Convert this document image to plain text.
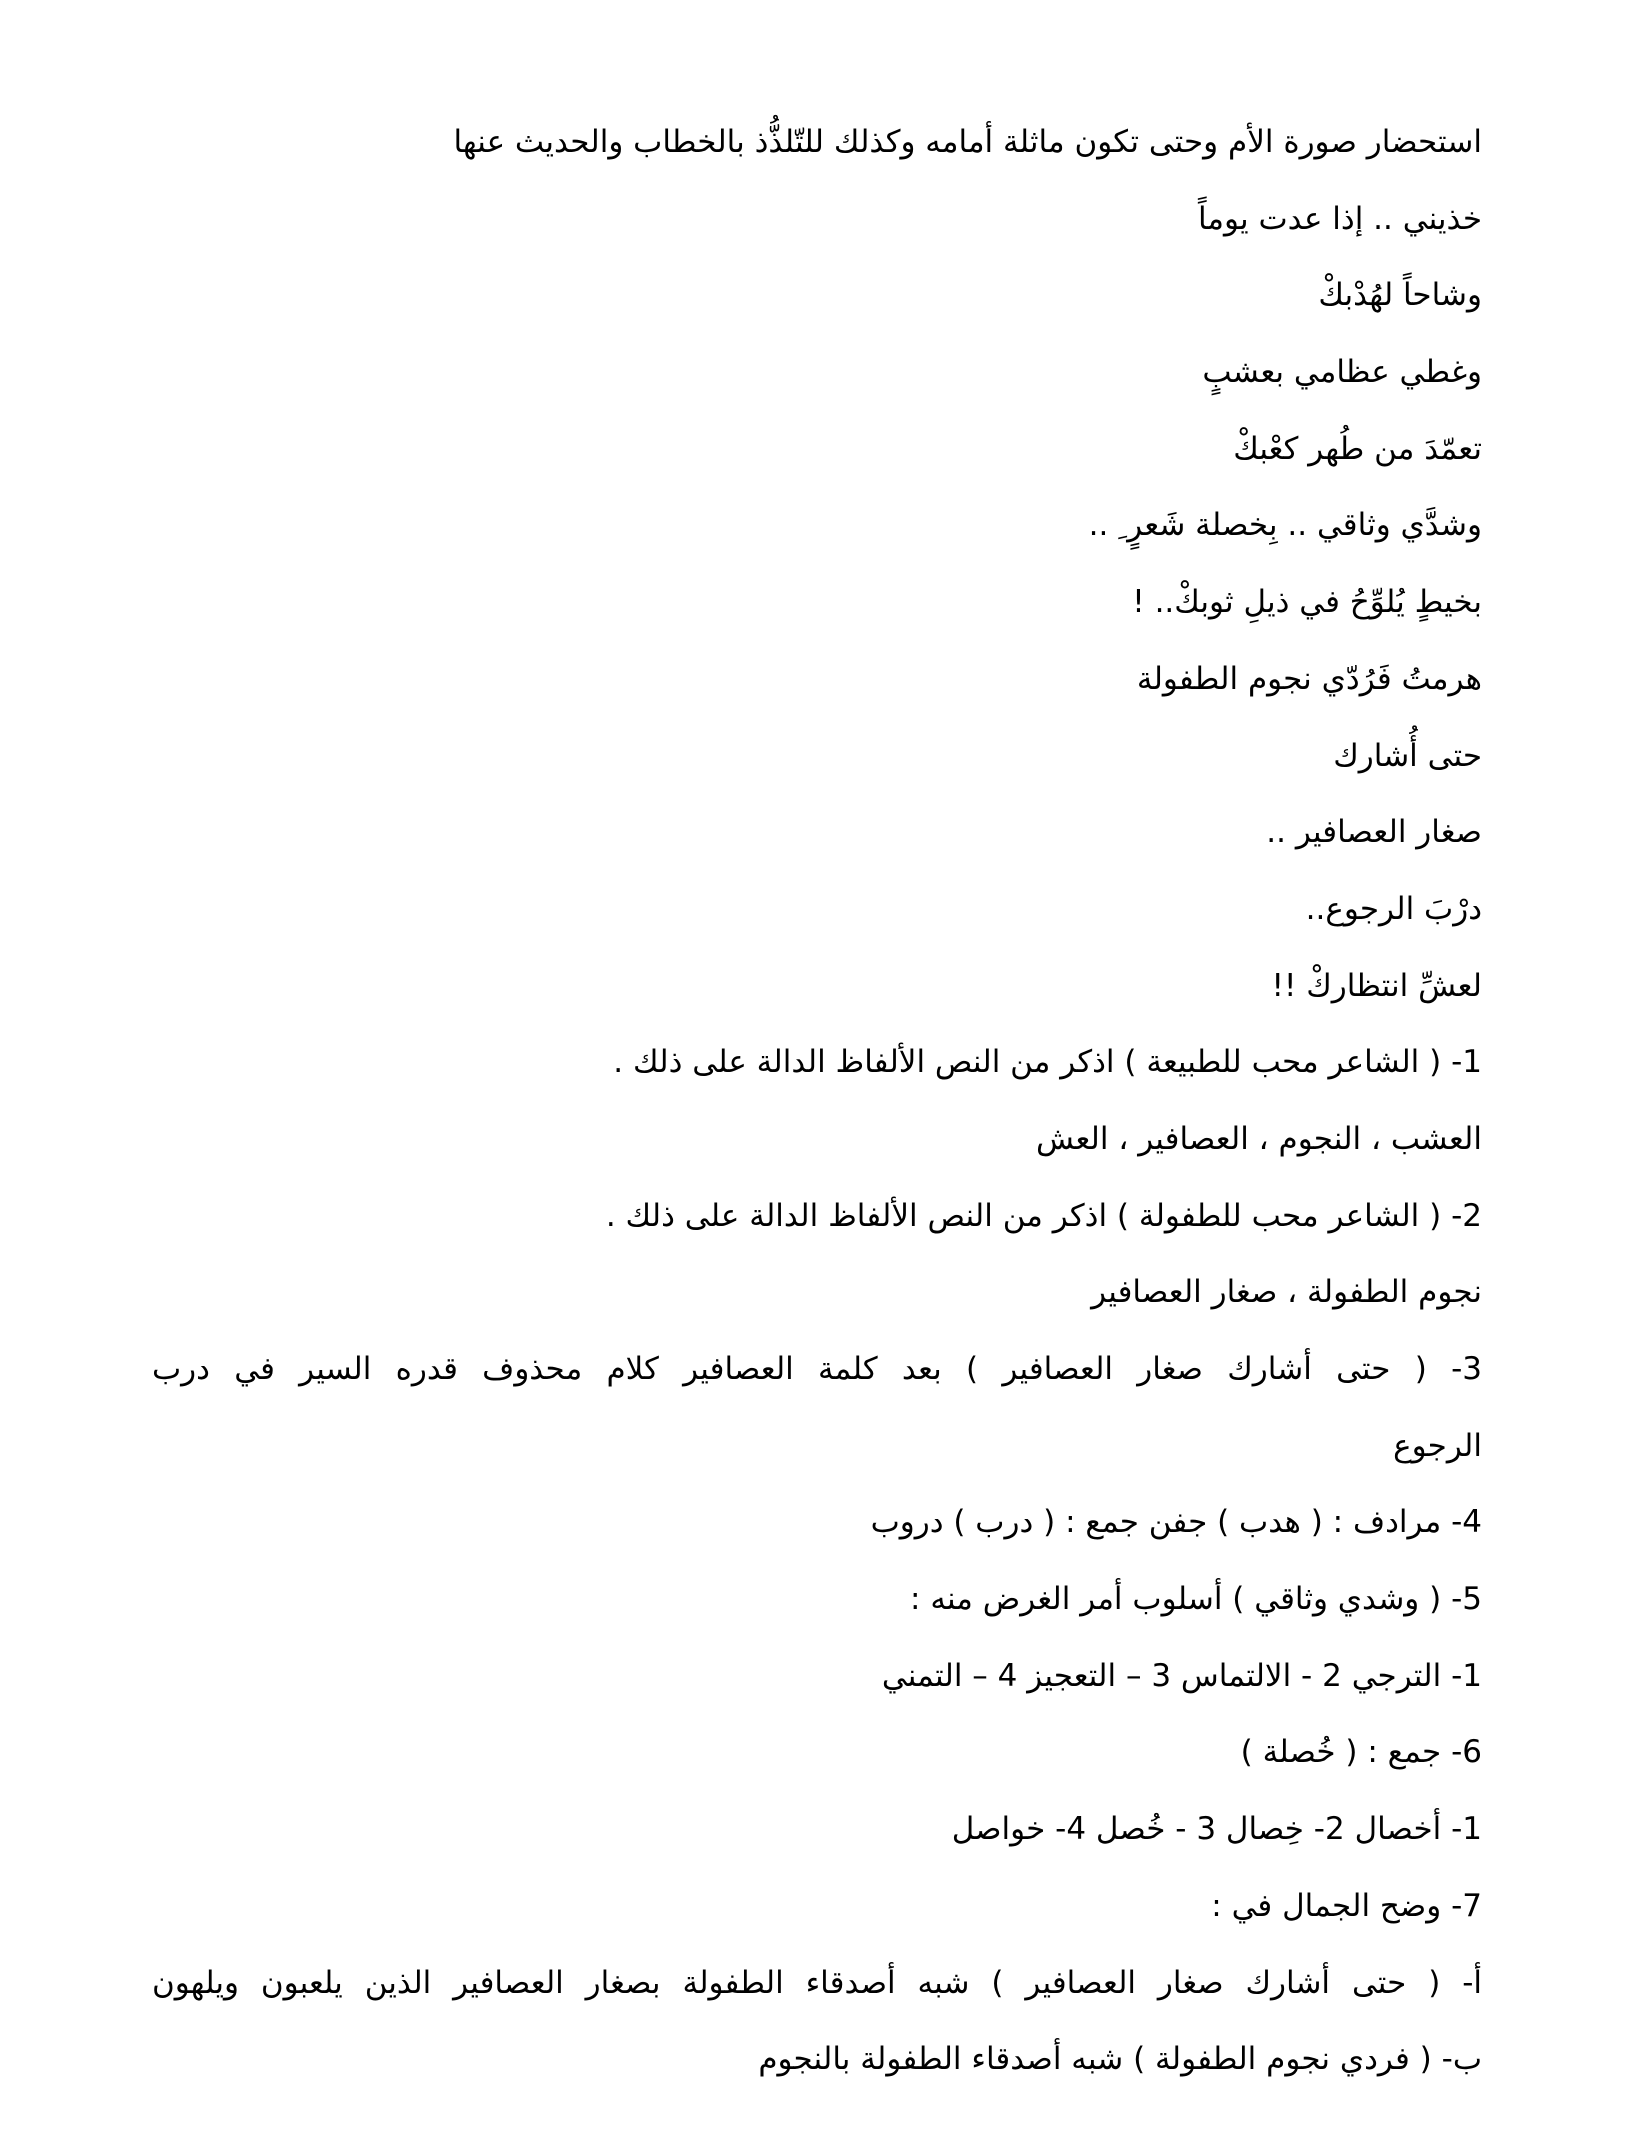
استحضار صورة الأم وحتى تكون ماثلة أمامه وكذلك للتّلذُّذ بالخطاب والحديث عنها
خذيني .. إذا عدت يوماً
وشاحاً لهُدْبكْ
وغطي عظامي بعشبٍ
تعمّدَ من طُهر كعْبكْ
وشدَّي وثاقي .. بِخصلة شَعرٍ ِ ..
بخيطٍ يُلوِّحُ في ذيلِ ثوبكْ.. !
هرمتُ فَرُدّي نجوم الطفولة
حتى أُشارك
صغار العصافير ..
درْبَ الرجوع..
لعشِّ انتظاركْ !!
1- ( الشاعر محب للطبيعة ) اذكر من النص الألفاظ الدالة على ذلك .
العشب ، النجوم ، العصافير ، العش
2- ( الشاعر محب للطفولة ) اذكر من النص الألفاظ الدالة على ذلك .
نجوم الطفولة ، صغار العصافير
3- ( حتى أشارك صغار العصافير ) بعد كلمة العصافير كلام محذوف قدره السير في درب
الرجوع
4- مرادف : ( هدب ) جفن جمع : ( درب ) دروب
5- ( وشدي وثاقي ) أسلوب أمر الغرض منه :
1- الترجي 2 - الالتماس 3 – التعجيز 4 – التمني
6- جمع : ( خُصلة )
1- أخصال 2- خِصال 3 - خُصل 4- خواصل
7- وضح الجمال في :
أ- ( حتى أشارك صغار العصافير ) شبه أصدقاء الطفولة بصغار العصافير الذين يلعبون ويلهون
ب- ( فردي نجوم الطفولة ) شبه أصدقاء الطفولة بالنجوم
